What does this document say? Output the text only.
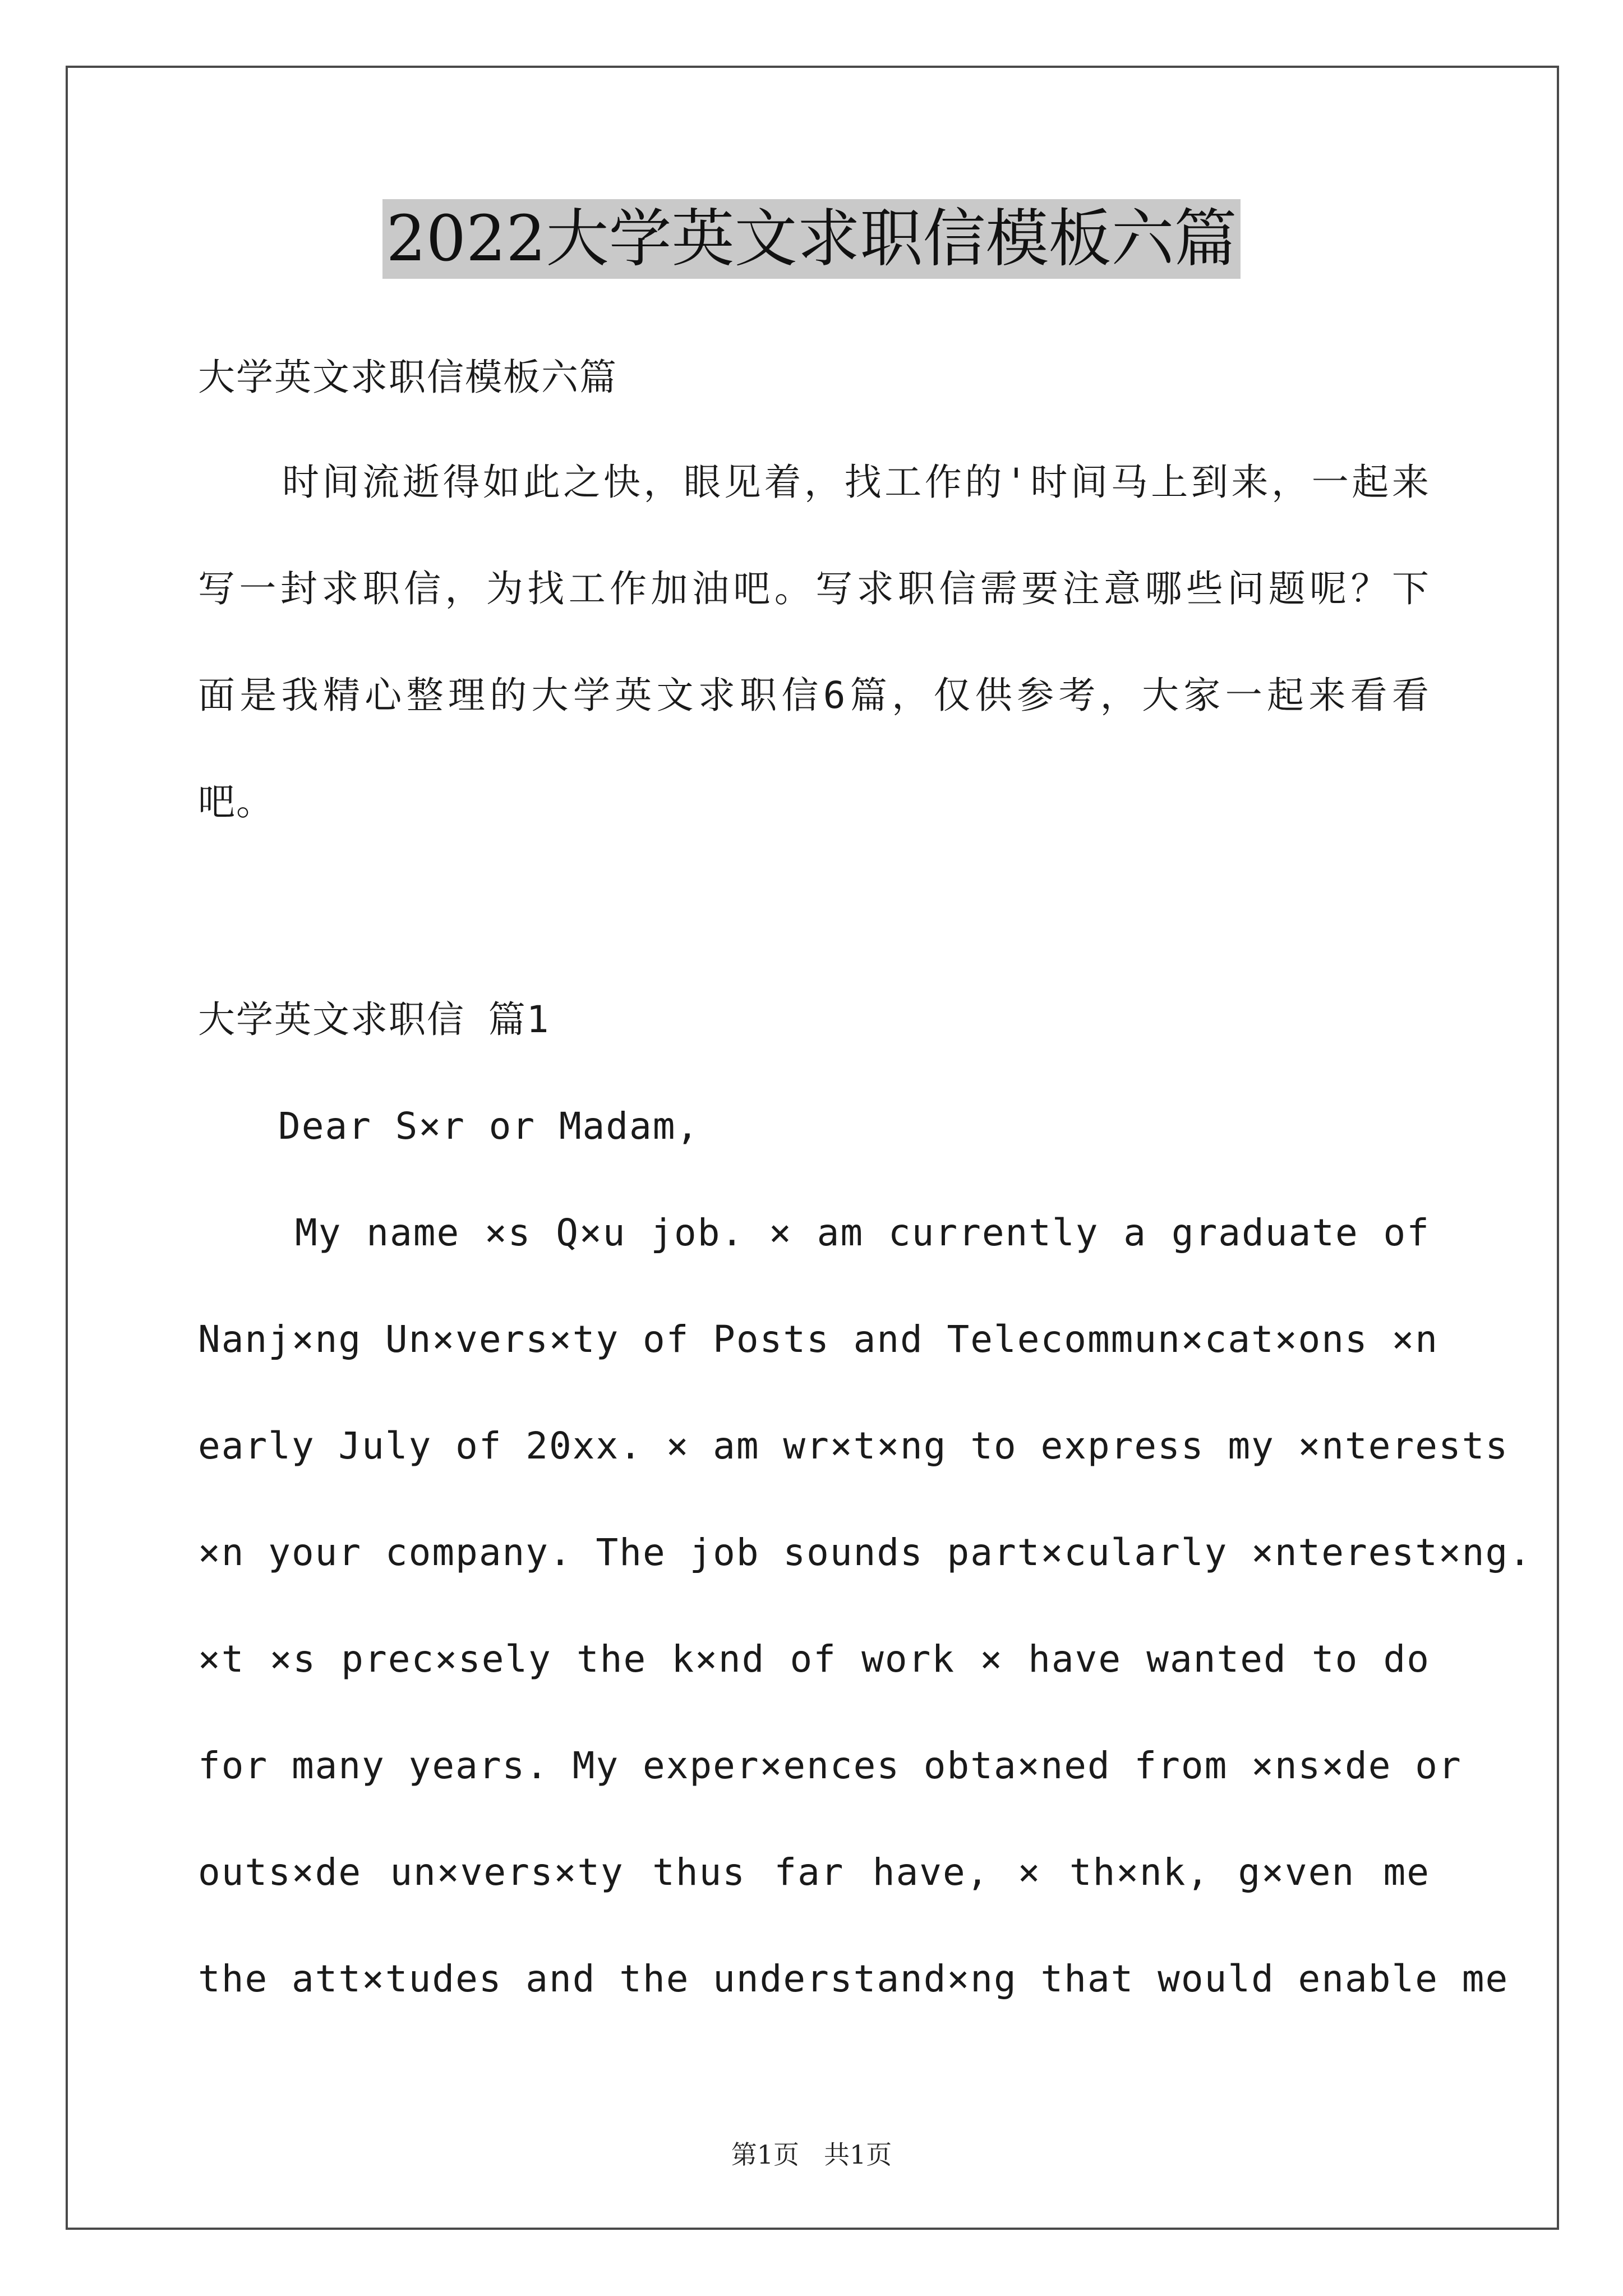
2022大学英文求职信模板六篇
大学英文求职信模板六篇
时间流逝得如此之快，眼见着，找工作的'时间马上到来，一起来
写一封求职信，为找工作加油吧。写求职信需要注意哪些问题呢？下
面是我精心整理的大学英文求职信6篇，仅供参考，大家一起来看看
吧。
大学英文求职信 篇1
Dear S×r or Madam,
My name ×s Q×u job. × am currently a graduate of
Nanj×ng Un×vers×ty of Posts and Telecommun×cat×ons ×n
early July of 20xx. × am wr×t×ng to express my ×nterests
×n your company. The job sounds part×cularly ×nterest×ng.
×t ×s prec×sely the k×nd of work × have wanted to do
for many years. My exper×ences obta×ned from ×ns×de or
outs×de un×vers×ty thus far have, × th×nk, g×ven me
the att×tudes and the understand×ng that would enable me
第1页 共1页
